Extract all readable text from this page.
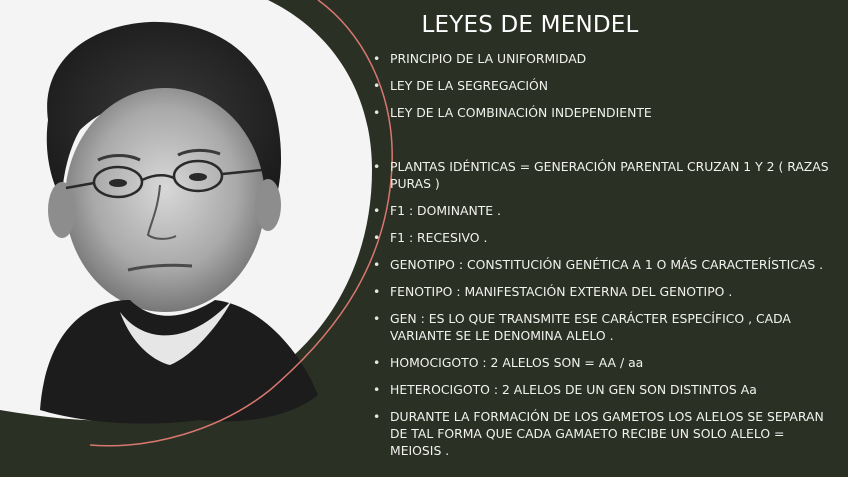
LEYES DE MENDEL
• PRINCIPIO DE LA UNIFORMIDAD
• LEY DE LA SEGREGACIÓN
• LEY DE LA COMBINACIÓN INDEPENDIENTE
• PLANTAS IDÉNTICAS = GENERACIÓN PARENTAL CRUZAN 1 Y 2 ( RAZAS PURAS )
• F1 : DOMINANTE .
• F1 : RECESIVO .
• GENOTIPO : CONSTITUCIÓN GENÉTICA A 1 O MÁS CARACTERÍSTICAS .
• FENOTIPO : MANIFESTACIÓN EXTERNA DEL GENOTIPO .
• GEN : ES LO QUE TRANSMITE ESE CARÁCTER ESPECÍFICO , CADA VARIANTE SE LE DENOMINA ALELO .
• HOMOCIGOTO : 2 ALELOS SON = AA / aa
• HETEROCIGOTO : 2 ALELOS DE UN GEN SON DISTINTOS Aa
• DURANTE LA FORMACIÓN DE LOS GAMETOS LOS ALELOS SE SEPARAN DE TAL FORMA QUE CADA GAMAETO RECIBE UN SOLO ALELO = MEIOSIS .
